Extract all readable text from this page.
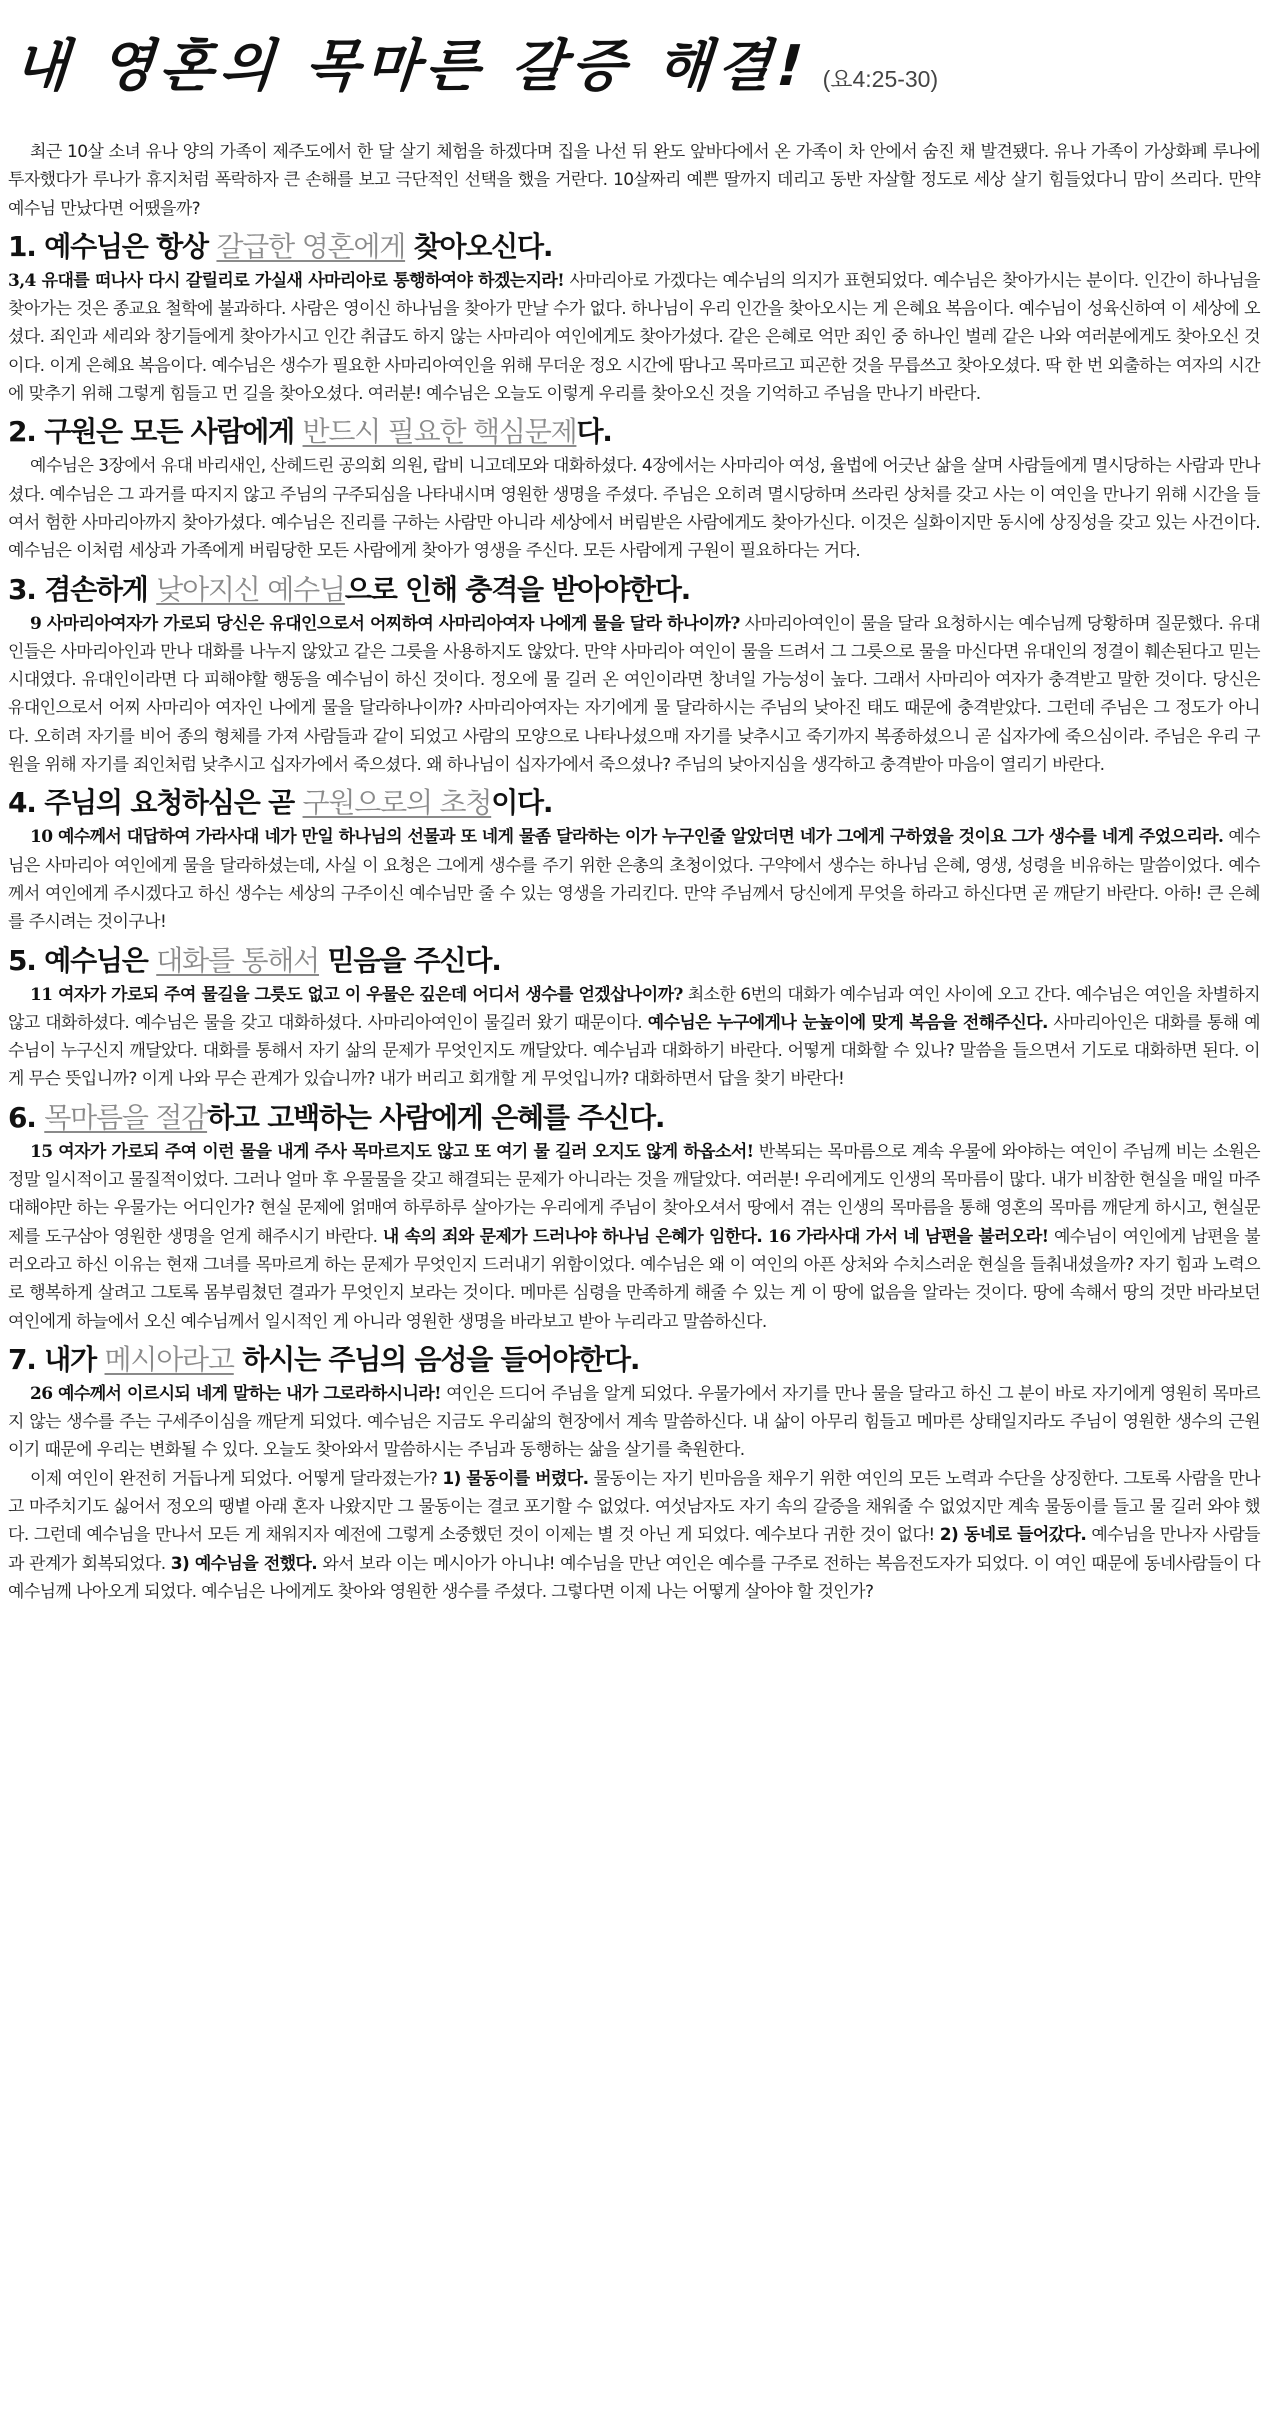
내 영혼의 목마른 갈증 해결! (요4:25-30)

최근 10살 소녀 유나 양의 가족이 제주도에서 한 달 살기 체험을 하겠다며 집을 나선 뒤 완도 앞바다에서 온 가족이 차 안에서 숨진 채 발견됐다. 유나 가족이 가상화폐 루나에 투자했다가 루나가 휴지처럼 폭락하자 큰 손해를 보고 극단적인 선택을 했을 거란다. 10살짜리 예쁜 딸까지 데리고 동반 자살할 정도로 세상 살기 힘들었다니 맘이 쓰리다. 만약 예수님 만났다면 어땠을까?

1. 예수님은 항상 갈급한 영혼에게 찾아오신다.

3,4 유대를 떠나사 다시 갈릴리로 가실새 사마리아로 통행하여야 하겠는지라! 사마리아로 가겠다는 예수님의 의지가 표현되었다. 예수님은 찾아가시는 분이다. 인간이 하나님을 찾아가는 것은 종교요 철학에 불과하다. 사람은 영이신 하나님을 찾아가 만날 수가 없다. 하나님이 우리 인간을 찾아오시는 게 은혜요 복음이다. 예수님이 성육신하여 이 세상에 오셨다. 죄인과 세리와 창기들에게 찾아가시고 인간 취급도 하지 않는 사마리아 여인에게도 찾아가셨다. 같은 은혜로 억만 죄인 중 하나인 벌레 같은 나와 여러분에게도 찾아오신 것이다. 이게 은혜요 복음이다. 예수님은 생수가 필요한 사마리아여인을 위해 무더운 정오 시간에 땀나고 목마르고 피곤한 것을 무릅쓰고 찾아오셨다. 딱 한 번 외출하는 여자의 시간에 맞추기 위해 그렇게 힘들고 먼 길을 찾아오셨다. 여러분! 예수님은 오늘도 이렇게 우리를 찾아오신 것을 기억하고 주님을 만나기 바란다.

2. 구원은 모든 사람에게 반드시 필요한 핵심문제다.

예수님은 3장에서 유대 바리새인, 산헤드린 공의회 의원, 랍비 니고데모와 대화하셨다. 4장에서는 사마리아 여성, 율법에 어긋난 삶을 살며 사람들에게 멸시당하는 사람과 만나셨다. 예수님은 그 과거를 따지지 않고 주님의 구주되심을 나타내시며 영원한 생명을 주셨다. 주님은 오히려 멸시당하며 쓰라린 상처를 갖고 사는 이 여인을 만나기 위해 시간을 들여서 험한 사마리아까지 찾아가셨다. 예수님은 진리를 구하는 사람만 아니라 세상에서 버림받은 사람에게도 찾아가신다. 이것은 실화이지만 동시에 상징성을 갖고 있는 사건이다. 예수님은 이처럼 세상과 가족에게 버림당한 모든 사람에게 찾아가 영생을 주신다. 모든 사람에게 구원이 필요하다는 거다.

3. 겸손하게 낮아지신 예수님으로 인해 충격을 받아야한다.

9 사마리아여자가 가로되 당신은 유대인으로서 어찌하여 사마리아여자 나에게 물을 달라 하나이까? 사마리아여인이 물을 달라 요청하시는 예수님께 당황하며 질문했다. 유대인들은 사마리아인과 만나 대화를 나누지 않았고 같은 그릇을 사용하지도 않았다. 만약 사마리아 여인이 물을 드려서 그 그릇으로 물을 마신다면 유대인의 정결이 훼손된다고 믿는 시대였다. 유대인이라면 다 피해야할 행동을 예수님이 하신 것이다. 정오에 물 길러 온 여인이라면 창녀일 가능성이 높다. 그래서 사마리아 여자가 충격받고 말한 것이다. 당신은 유대인으로서 어찌 사마리아 여자인 나에게 물을 달라하나이까? 사마리아여자는 자기에게 물 달라하시는 주님의 낮아진 태도 때문에 충격받았다. 그런데 주님은 그 정도가 아니다. 오히려 자기를 비어 종의 형체를 가져 사람들과 같이 되었고 사람의 모양으로 나타나셨으매 자기를 낮추시고 죽기까지 복종하셨으니 곧 십자가에 죽으심이라. 주님은 우리 구원을 위해 자기를 죄인처럼 낮추시고 십자가에서 죽으셨다. 왜 하나님이 십자가에서 죽으셨나? 주님의 낮아지심을 생각하고 충격받아 마음이 열리기 바란다.

4. 주님의 요청하심은 곧 구원으로의 초청이다.

10 예수께서 대답하여 가라사대 네가 만일 하나님의 선물과 또 네게 물좀 달라하는 이가 누구인줄 알았더면 네가 그에게 구하였을 것이요 그가 생수를 네게 주었으리라. 예수님은 사마리아 여인에게 물을 달라하셨는데, 사실 이 요청은 그에게 생수를 주기 위한 은총의 초청이었다. 구약에서 생수는 하나님 은혜, 영생, 성령을 비유하는 말씀이었다. 예수께서 여인에게 주시겠다고 하신 생수는 세상의 구주이신 예수님만 줄 수 있는 영생을 가리킨다. 만약 주님께서 당신에게 무엇을 하라고 하신다면 곧 깨닫기 바란다. 아하! 큰 은혜를 주시려는 것이구나!

5. 예수님은 대화를 통해서 믿음을 주신다.

11 여자가 가로되 주여 물길을 그릇도 없고 이 우물은 깊은데 어디서 생수를 얻겠삽나이까? 최소한 6번의 대화가 예수님과 여인 사이에 오고 간다. 예수님은 여인을 차별하지 않고 대화하셨다. 예수님은 물을 갖고 대화하셨다. 사마리아여인이 물길러 왔기 때문이다. 예수님은 누구에게나 눈높이에 맞게 복음을 전해주신다. 사마리아인은 대화를 통해 예수님이 누구신지 깨달았다. 대화를 통해서 자기 삶의 문제가 무엇인지도 깨달았다. 예수님과 대화하기 바란다. 어떻게 대화할 수 있나? 말씀을 들으면서 기도로 대화하면 된다. 이게 무슨 뜻입니까? 이게 나와 무슨 관계가 있습니까? 내가 버리고 회개할 게 무엇입니까? 대화하면서 답을 찾기 바란다!

6. 목마름을 절감하고 고백하는 사람에게 은혜를 주신다.

15 여자가 가로되 주여 이런 물을 내게 주사 목마르지도 않고 또 여기 물 길러 오지도 않게 하옵소서! 반복되는 목마름으로 계속 우물에 와야하는 여인이 주님께 비는 소원은 정말 일시적이고 물질적이었다. 그러나 얼마 후 우물물을 갖고 해결되는 문제가 아니라는 것을 깨달았다. 여러분! 우리에게도 인생의 목마름이 많다. 내가 비참한 현실을 매일 마주 대해야만 하는 우물가는 어디인가? 현실 문제에 얽매여 하루하루 살아가는 우리에게 주님이 찾아오셔서 땅에서 겪는 인생의 목마름을 통해 영혼의 목마름 깨닫게 하시고, 현실문제를 도구삼아 영원한 생명을 얻게 해주시기 바란다. 내 속의 죄와 문제가 드러나야 하나님 은혜가 임한다. 16 가라사대 가서 네 남편을 불러오라! 예수님이 여인에게 남편을 불러오라고 하신 이유는 현재 그녀를 목마르게 하는 문제가 무엇인지 드러내기 위함이었다. 예수님은 왜 이 여인의 아픈 상처와 수치스러운 현실을 들춰내셨을까? 자기 힘과 노력으로 행복하게 살려고 그토록 몸부림쳤던 결과가 무엇인지 보라는 것이다. 메마른 심령을 만족하게 해줄 수 있는 게 이 땅에 없음을 알라는 것이다. 땅에 속해서 땅의 것만 바라보던 여인에게 하늘에서 오신 예수님께서 일시적인 게 아니라 영원한 생명을 바라보고 받아 누리라고 말씀하신다.

7. 내가 메시아라고 하시는 주님의 음성을 들어야한다.

26 예수께서 이르시되 네게 말하는 내가 그로라하시니라! 여인은 드디어 주님을 알게 되었다. 우물가에서 자기를 만나 물을 달라고 하신 그 분이 바로 자기에게 영원히 목마르지 않는 생수를 주는 구세주이심을 깨닫게 되었다. 예수님은 지금도 우리삶의 현장에서 계속 말씀하신다. 내 삶이 아무리 힘들고 메마른 상태일지라도 주님이 영원한 생수의 근원이기 때문에 우리는 변화될 수 있다. 오늘도 찾아와서 말씀하시는 주님과 동행하는 삶을 살기를 축원한다.

이제 여인이 완전히 거듭나게 되었다. 어떻게 달라졌는가? 1) 물동이를 버렸다. 물동이는 자기 빈마음을 채우기 위한 여인의 모든 노력과 수단을 상징한다. 그토록 사람을 만나고 마주치기도 싫어서 정오의 땡볕 아래 혼자 나왔지만 그 물동이는 결코 포기할 수 없었다. 여섯남자도 자기 속의 갈증을 채워줄 수 없었지만 계속 물동이를 들고 물 길러 와야 했다. 그런데 예수님을 만나서 모든 게 채워지자 예전에 그렇게 소중했던 것이 이제는 별 것 아닌 게 되었다. 예수보다 귀한 것이 없다! 2) 동네로 들어갔다. 예수님을 만나자 사람들과 관계가 회복되었다. 3) 예수님을 전했다. 와서 보라 이는 메시아가 아니냐! 예수님을 만난 여인은 예수를 구주로 전하는 복음전도자가 되었다. 이 여인 때문에 동네사람들이 다 예수님께 나아오게 되었다. 예수님은 나에게도 찾아와 영원한 생수를 주셨다. 그렇다면 이제 나는 어떻게 살아야 할 것인가?
